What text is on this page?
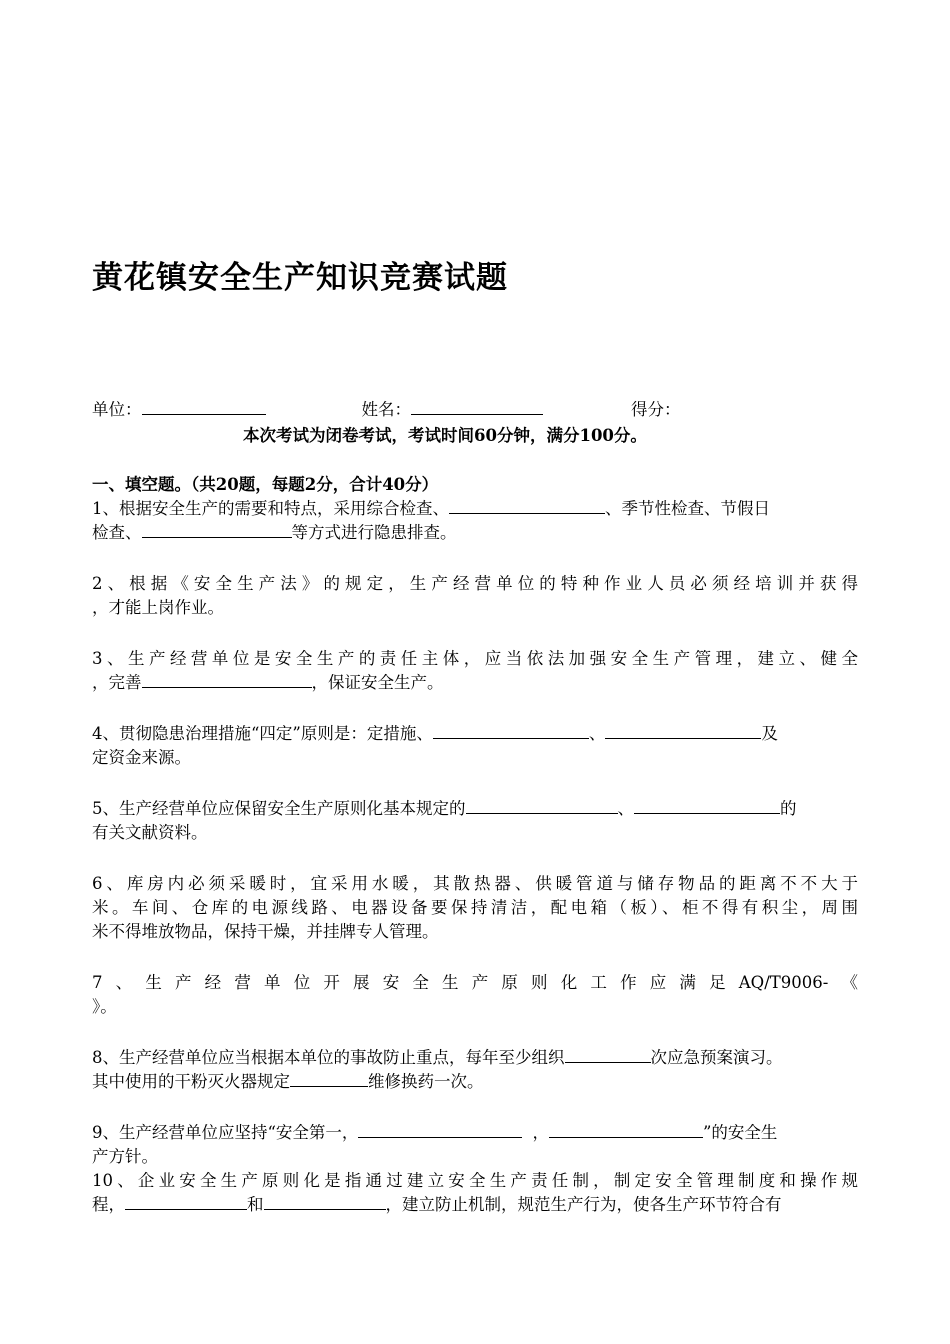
黄花镇安全生产知识竞赛试题
单位：	姓名：	得分：
本次考试为闭卷考试，考试时间60分钟，满分100分。
一、填空题。（共20题，每题2分，合计40分）
1、根据安全生产的需要和特点，采用综合检查、	、季节性检查、节假日
检查、	等方式进行隐患排查。
2、根据《安全生产法》的规定，生产经营单位的特种作业人员必须经培训并获得
，才能上岗作业。
3、生产经营单位是安全生产的责任主体，应当依法加强安全生产管理，建立、健全
，完善	，保证安全生产。
4、贯彻隐患治理措施“四定”原则是：定措施、	、	及
定资金来源。
5、生产经营单位应保留安全生产原则化基本规定的	、	的
有关文献资料。
6、库房内必须采暖时，宜采用水暖，其散热器、供暖管道与储存物品的距离不不大于
米。车间、仓库的电源线路、电器设备要保持清洁，配电箱（板）、柜不得有积尘，周围
米不得堆放物品，保持干燥，并挂牌专人管理。
7、生产经营单位开展安全生产原则化工作应满足AQ/T9006-《
》。
8、生产经营单位应当根据本单位的事故防止重点，每年至少组织	次应急预案演习。
其中使用的干粉灭火器规定	维修换药一次。
9、生产经营单位应坚持“安全第一，	，	”的安全生
产方针。
10、企业安全生产原则化是指通过建立安全生产责任制，制定安全管理制度和操作规
程，	和	，建立防止机制，规范生产行为，使各生产环节符合有
